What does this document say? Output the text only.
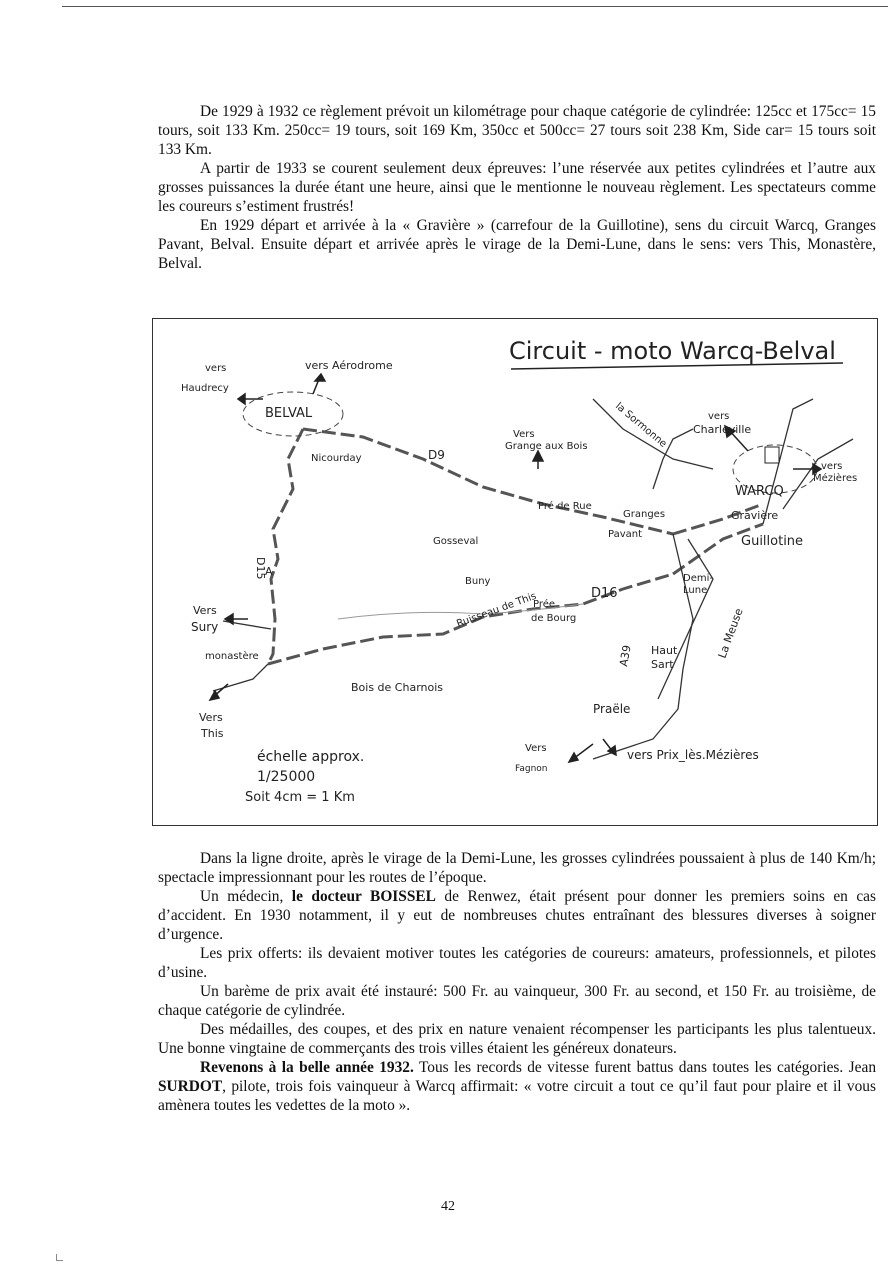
De 1929 à 1932 ce règlement prévoit un kilométrage pour chaque catégorie de cylindrée: 125cc et 175cc= 15 tours, soit 133 Km. 250cc= 19 tours, soit 169 Km, 350cc et 500cc= 27 tours soit 238 Km, Side car= 15 tours soit 133 Km.

A partir de 1933 se courent seulement deux épreuves: l’une réservée aux petites cylindrées et l’autre aux grosses puissances la durée étant une heure, ainsi que le mentionne le nouveau règlement. Les spectateurs comme les coureurs s’estiment frustrés!

En 1929 départ et arrivée à la « Gravière » (carrefour de la Guillotine), sens du circuit Warcq, Granges Pavant, Belval. Ensuite départ et arrivée après le virage de la Demi-Lune, dans le sens: vers This, Monastère, Belval.

Circuit - moto Warcq-Belval
vers
Haudrecy
vers Aérodrome
BELVAL
Nicourday	D9
Vers
Grange aux Bois
Pré de Rue
la Sormonne	vers
Charleville
vers
Mézières
WARCQ
Gravière
Guillotine
Granges
Pavant
Gosseval
D15
A
Buny
Ruisseau de This
Prée
de Bourg
D16
Demi-
Lune
La Meuse
Vers
Sury
monastère	A39 Haut
Sart
Bois de Charnois
Vers
This
Praële
échelle approx.
1/25000
Soit 4cm = 1 Km
Vers
Fagnon
vers Prix_lès.Mézières

Dans la ligne droite, après le virage de la Demi-Lune, les grosses cylindrées poussaient à plus de 140 Km/h; spectacle impressionnant pour les routes de l’époque.

Un médecin, le docteur BOISSEL de Renwez, était présent pour donner les premiers soins en cas d’accident. En 1930 notamment, il y eut de nombreuses chutes entraînant des blessures diverses à soigner d’urgence.

Les prix offerts: ils devaient motiver toutes les catégories de coureurs: amateurs, professionnels, et pilotes d’usine.

Un barème de prix avait été instauré: 500 Fr. au vainqueur, 300 Fr. au second, et 150 Fr. au troisième, de chaque catégorie de cylindrée.

Des médailles, des coupes, et des prix en nature venaient récompenser les participants les plus talentueux. Une bonne vingtaine de commerçants des trois villes étaient les généreux donateurs.

Revenons à la belle année 1932. Tous les records de vitesse furent battus dans toutes les catégories. Jean SURDOT, pilote, trois fois vainqueur à Warcq affirmait: « votre circuit a tout ce qu’il faut pour plaire et il vous amènera toutes les vedettes de la moto ».

42
